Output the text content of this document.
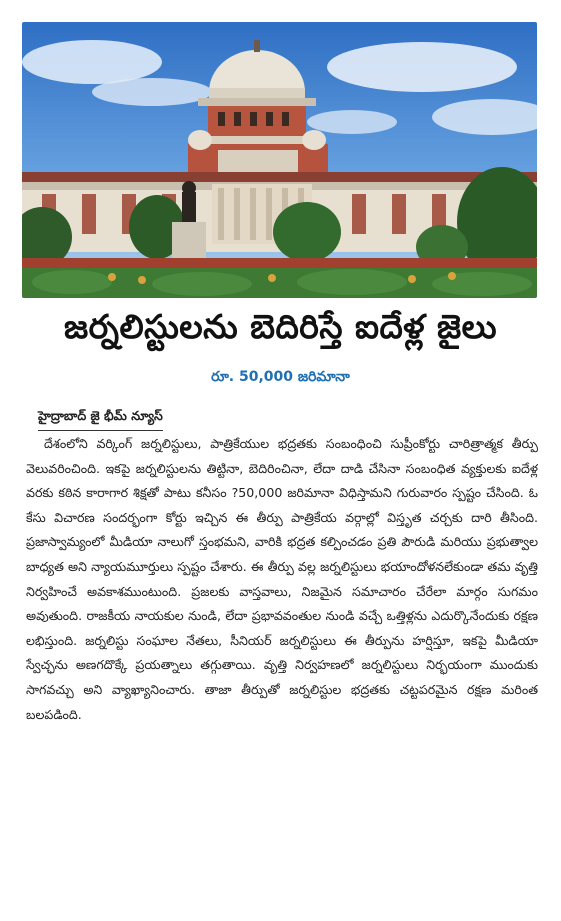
జర్నలిస్టులను బెదిరిస్తే ఐదేళ్ల జైలు
రూ. 50,000 జరిమానా
హైద్రాబాద్ జై భీమ్ న్యూస్

దేశంలోని వర్కింగ్ జర్నలిస్టులు, పాత్రికేయుల భద్రతకు సంబంధించి సుప్రీంకోర్టు చారిత్రాత్మక తీర్పు వెలువరించింది. ఇకపై జర్నలిస్టులను తిట్టినా, బెదిరించినా, లేదా దాడి చేసినా సంబంధిత వ్యక్తులకు ఐదేళ్ల వరకు కఠిన కారాగార శిక్షతో పాటు కనీసం ?50,000 జరిమానా విధిస్తామని గురువారం స్పష్టం చేసింది. ఓ కేసు విచారణ సందర్భంగా కోర్టు ఇచ్చిన ఈ తీర్పు పాత్రికేయ వర్గాల్లో విస్తృత చర్చకు దారి తీసింది. ప్రజాస్వామ్యంలో మీడియా నాలుగో స్తంభమని, వారికి భద్రత కల్పించడం ప్రతి పౌరుడి మరియు ప్రభుత్వాల బాధ్యత అని న్యాయమూర్తులు స్పష్టం చేశారు. ఈ తీర్పు వల్ల జర్నలిస్టులు భయాందోళనలేకుండా తమ వృత్తి నిర్వహించే అవకాశముంటుంది. ప్రజలకు వాస్తవాలు, నిజమైన సమాచారం చేరేలా మార్గం సుగమం అవుతుంది. రాజకీయ నాయకుల నుండి, లేదా ప్రభావవంతుల నుండి వచ్చే ఒత్తిళ్లను ఎదుర్కొనేందుకు రక్షణ లభిస్తుంది. జర్నలిస్టు సంఘాల నేతలు, సీనియర్ జర్నలిస్టులు ఈ తీర్పును హర్షిస్తూ, ఇకపై మీడియా స్వేచ్ఛను అణగదొక్కే ప్రయత్నాలు తగ్గుతాయి. వృత్తి నిర్వహణలో జర్నలిస్టులు నిర్భయంగా ముందుకు సాగవచ్చు అని వ్యాఖ్యానించారు. తాజా తీర్పుతో జర్నలిస్టుల భద్రతకు చట్టపరమైన రక్షణ మరింత బలపడింది.
